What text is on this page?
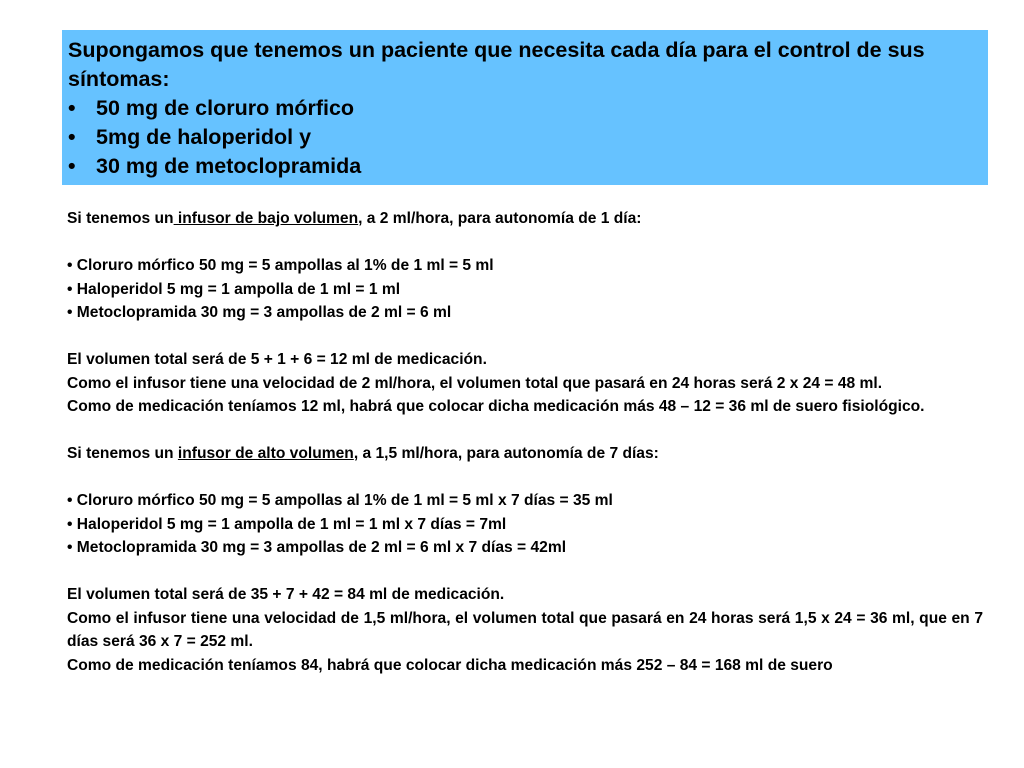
Supongamos que tenemos un paciente que necesita cada día para el control de sus síntomas:

• 50 mg de cloruro mórfico
• 5mg de haloperidol y
• 30 mg de metoclopramida

Si tenemos un infusor de bajo volumen, a 2 ml/hora, para autonomía de 1 día:

• Cloruro mórfico 50 mg = 5 ampollas al 1% de 1 ml = 5 ml

• Haloperidol 5 mg = 1 ampolla de 1 ml = 1 ml

• Metoclopramida 30 mg = 3 ampollas de 2 ml = 6 ml

El volumen total será de 5 + 1 + 6 = 12 ml de medicación.

Como el infusor tiene una velocidad de 2 ml/hora, el volumen total que pasará en 24 horas será 2 x 24 = 48 ml.

Como de medicación teníamos 12 ml, habrá que colocar dicha medicación más 48 – 12 = 36 ml de suero fisiológico.

Si tenemos un infusor de alto volumen, a 1,5 ml/hora, para autonomía de 7 días:

• Cloruro mórfico 50 mg = 5 ampollas al 1% de 1 ml = 5 ml x 7 días = 35 ml

• Haloperidol 5 mg = 1 ampolla de 1 ml = 1 ml x 7 días = 7ml

• Metoclopramida 30 mg = 3 ampollas de 2 ml = 6 ml x 7 días = 42ml

El volumen total será de 35 + 7 + 42 = 84 ml de medicación.

Como el infusor tiene una velocidad de 1,5 ml/hora, el volumen total que pasará en 24 horas será 1,5 x 24 = 36 ml, que en 7 días será 36 x 7 = 252 ml.

Como de medicación teníamos 84, habrá que colocar dicha medicación más 252 – 84 = 168 ml de suero
